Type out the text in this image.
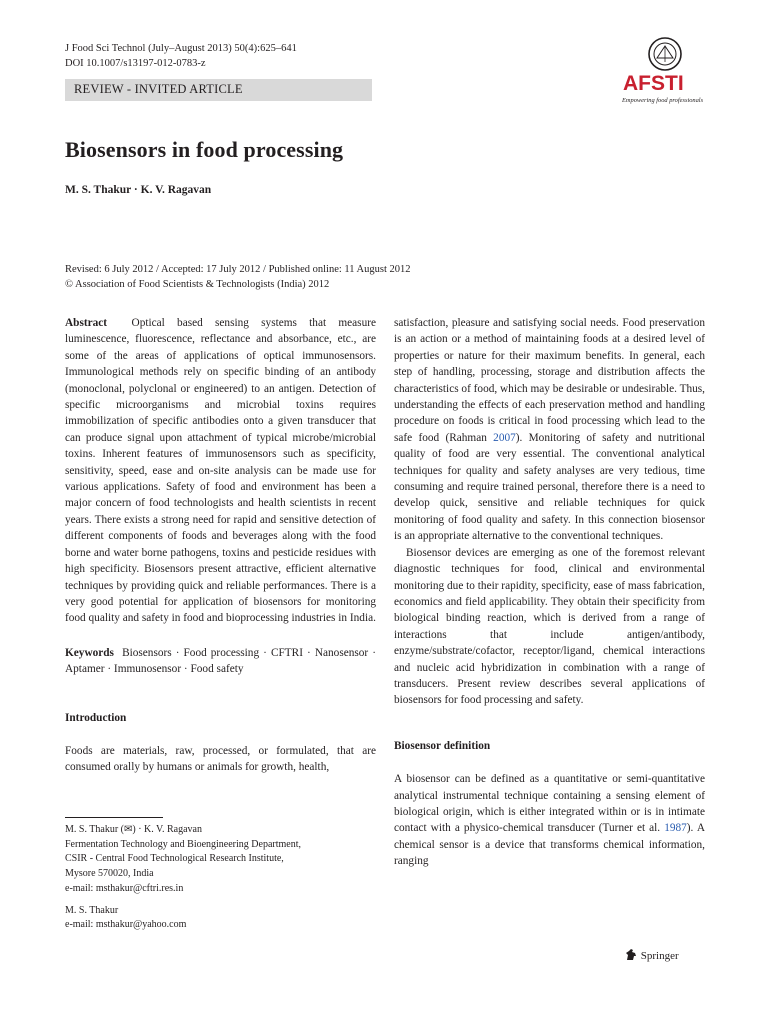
J Food Sci Technol (July–August 2013) 50(4):625–641
DOI 10.1007/s13197-012-0783-z
REVIEW - INVITED ARTICLE	AFSTI
Empowering food professionals
Biosensors in food processing
M. S. Thakur · K. V. Ragavan
Revised: 6 July 2012 / Accepted: 17 July 2012 / Published online: 11 August 2012
© Association of Food Scientists & Technologists (India) 2012

Abstract Optical based sensing systems that measure luminescence, fluorescence, reflectance and absorbance, etc., are some of the areas of applications of optical immunosensors. Immunological methods rely on specific binding of an antibody (monoclonal, polyclonal or engineered) to an antigen. Detection of specific microorganisms and microbial toxins requires immobilization of specific antibodies onto a given transducer that can produce signal upon attachment of typical microbe/microbial toxins. Inherent features of immunosensors such as specificity, sensitivity, speed, ease and on-site analysis can be made use for various applications. Safety of food and environment has been a major concern of food technologists and health scientists in recent years. There exists a strong need for rapid and sensitive detection of different components of foods and beverages along with the food borne and water borne pathogens, toxins and pesticide residues with high specificity. Biosensors present attractive, efficient alternative techniques by providing quick and reliable performances. There is a very good potential for application of biosensors for monitoring food quality and safety in food and bioprocessing industries in India.

Keywords Biosensors · Food processing · CFTRI · Nanosensor · Aptamer · Immunosensor · Food safety

Introduction

Foods are materials, raw, processed, or formulated, that are consumed orally by humans or animals for growth, health,

satisfaction, pleasure and satisfying social needs. Food preservation is an action or a method of maintaining foods at a desired level of properties or nature for their maximum benefits. In general, each step of handling, processing, storage and distribution affects the characteristics of food, which may be desirable or undesirable. Thus, understanding the effects of each preservation method and handling procedure on foods is critical in food processing which lead to the safe food (Rahman 2007). Monitoring of safety and nutritional quality of food are very essential. The conventional analytical techniques for quality and safety analyses are very tedious, time consuming and require trained personal, therefore there is a need to develop quick, sensitive and reliable techniques for quick monitoring of food quality and safety. In this connection biosensor is an appropriate alternative to the conventional techniques.

Biosensor devices are emerging as one of the foremost relevant diagnostic techniques for food, clinical and environmental monitoring due to their rapidity, specificity, ease of mass fabrication, economics and field applicability. They obtain their specificity from biological binding reaction, which is derived from a range of interactions that include antigen/antibody, enzyme/substrate/cofactor, receptor/ligand, chemical interactions and nucleic acid hybridization in combination with a range of transducers. Present review describes several applications of biosensors for food processing and safety.

Biosensor definition

A biosensor can be defined as a quantitative or semi-quantitative analytical instrumental technique containing a sensing element of biological origin, which is either integrated within or is in intimate contact with a physico-chemical transducer (Turner et al. 1987). A chemical sensor is a device that transforms chemical information, ranging

M. S. Thakur (✉) · K. V. Ragavan
Fermentation Technology and Bioengineering Department,
CSIR - Central Food Technological Research Institute,
Mysore 570020, India
e-mail: msthakur@cftri.res.in
M. S. Thakur
e-mail: msthakur@yahoo.com
Springer
